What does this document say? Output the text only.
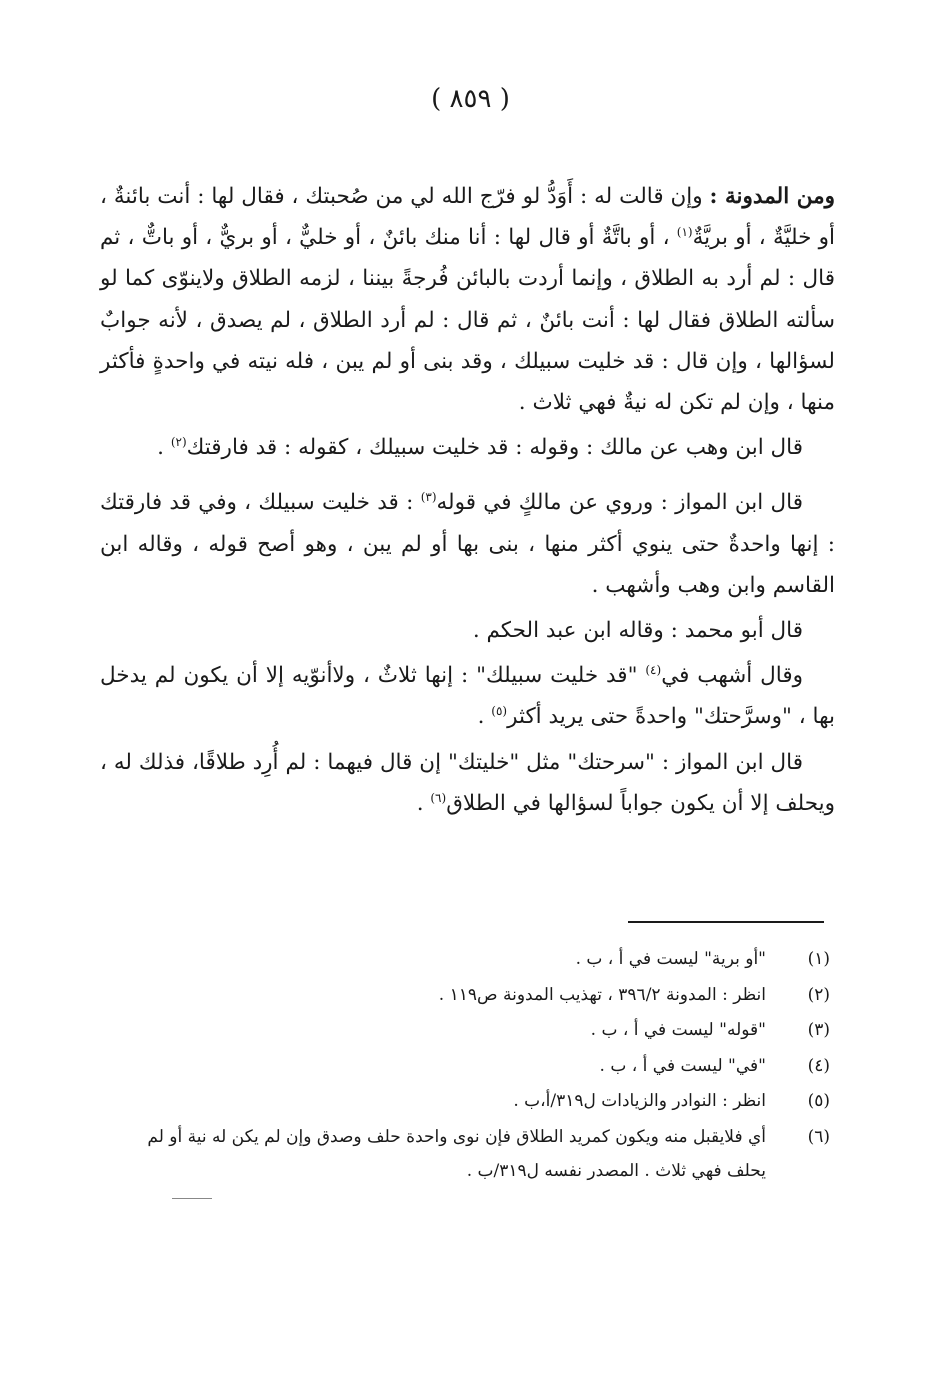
( ٨٥٩ )

ومن المدونة : وإن قالت له : أَوَدُّ لو فرّج الله لي من صُحبتك ، فقال لها : أنت بائنةٌ ، أو خليَّةٌ ، أو بريَّةٌ$^{(١)}$ ، أو باتَّةٌ أو قال لها : أنا منك بائنٌ ، أو خليٌّ ، أو بريٌّ ، أو باتٌّ ، ثم قال : لم أرد به الطلاق ، وإنما أردت بالبائن فُرجةً بيننا ، لزمه الطلاق ولاينوّى كما لو سألته الطلاق فقال لها : أنت بائنٌ ، ثم قال : لم أرد الطلاق ، لم يصدق ، لأنه جوابٌ لسؤالها ، وإن قال : قد خليت سبيلك ، وقد بنى أو لم يبن ، فله نيته في واحدةٍ فأكثر منها ، وإن لم تكن له نيةٌ فهي ثلاث .

قال ابن وهب عن مالك : وقوله : قد خليت سبيلك ، كقوله : قد فارقتك$^{(٢)}$ .

قال ابن المواز : وروي عن مالكٍ في قوله$^{(٣)}$ : قد خليت سبيلك ، وفي قد فارقتك : إنها واحدةٌ حتى ينوي أكثر منها ، بنى بها أو لم يبن ، وهو أصح قوله ، وقاله ابن القاسم وابن وهب وأشهب .

قال أبو محمد : وقاله ابن عبد الحكم .

وقال أشهب في$^{(٤)}$ "قد خليت سبيلك" : إنها ثلاثٌ ، ولاأنوّيه إلا أن يكون لم يدخل بها ، "وسرَّحتك" واحدةً حتى يريد أكثر$^{(٥)}$ .

قال ابن المواز : "سرحتك" مثل "خليتك" إن قال فيهما : لم أُرِد طلاقًا، فذلك له ، ويحلف إلا أن يكون جواباً لسؤالها في الطلاق$^{(٦)}$ .

(١)
"أو برية" ليست في أ ، ب .
(٢)
انظر : المدونة ٣٩٦/٢ ، تهذيب المدونة ص١١٩ .
(٣)
"قوله" ليست في أ ، ب .
(٤)
"في" ليست في أ ، ب .
(٥)
انظر : النوادر والزيادات ل٣١٩/أ،ب .
(٦)
أي فلايقبل منه ويكون كمريد الطلاق فإن نوى واحدة حلف وصدق وإن لم يكن له نية أو لم يحلف فهي ثلاث . المصدر نفسه ل٣١٩/ب .
